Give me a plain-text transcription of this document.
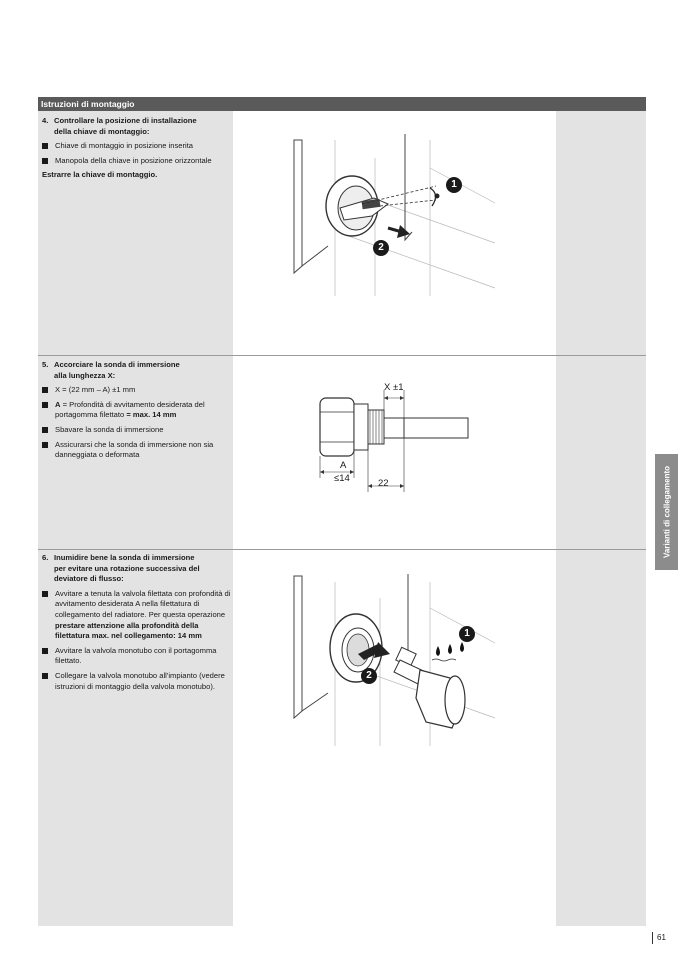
Istruzioni di montaggio
4. Controllare la posizione di installazione
della chiave di montaggio:
Chiave di montaggio in posizione inserita
Manopola della chiave in posizione orizzontale
Estrarre la chiave di montaggio.
1
2
5. Accorciare la sonda di immersione
alla lunghezza X:
X = (22 mm – A) ±1 mm
A = Profondità di avvitamento desiderata del portagomma filettato = max. 14 mm
Sbavare la sonda di immersione
Assicurarsi che la sonda di immersione non sia danneggiata o deformata
X ±1
A
≤14	22
6. Inumidire bene la sonda di immersione
per evitare una rotazione successiva del
deviatore di flusso:
Avvitare a tenuta la valvola filettata con profondità di avvitamento desiderata A nella filettatura di collegamento del radiatore. Per questa operazione prestare attenzione alla profondità della filettatura max. nel collegamento: 14 mm
Avvitare la valvola monotubo con il portagomma filettato.
Collegare la valvola monotubo all'impianto (vedere istruzioni di montaggio della valvola monotubo).
1
2
Varianti di collegamento
61
